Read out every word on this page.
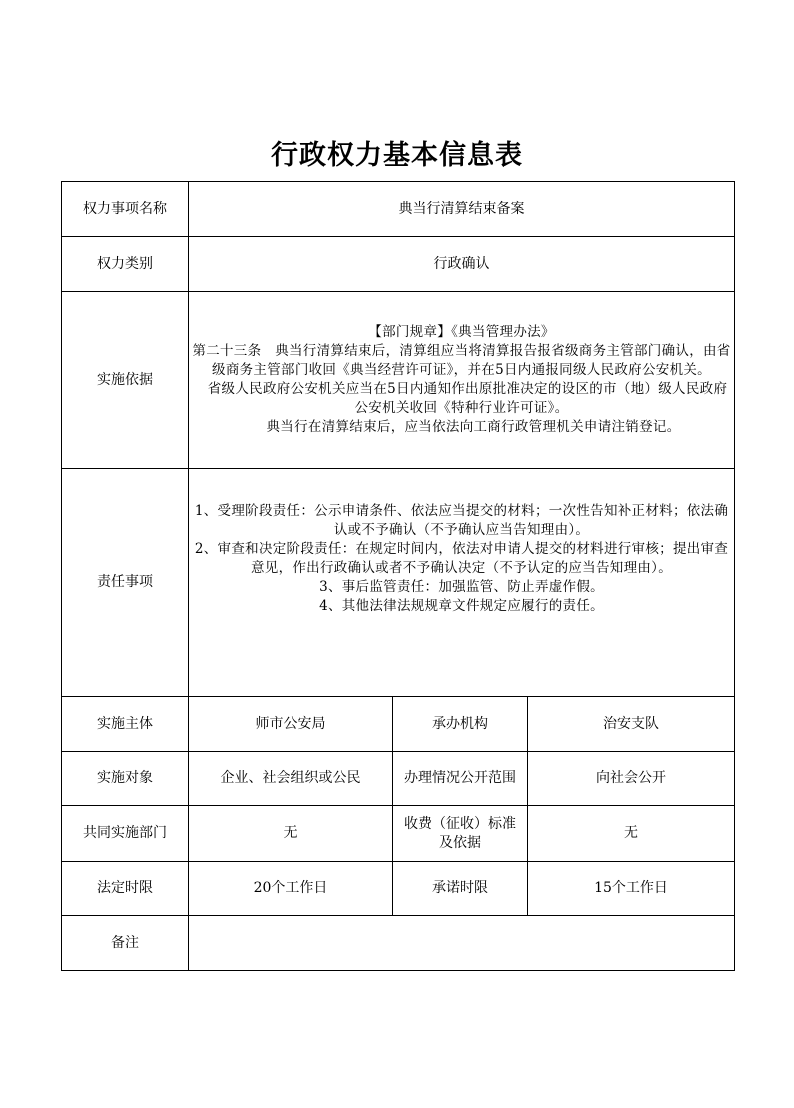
行政权力基本信息表
权力事项名称	典当行清算结束备案		
权力类别	行政确认		
实施依据	【部门规章】《典当管理办法》
第二十三条　典当行清算结束后，清算组应当将清算报告报省级商务主管部门确认，由省级商务主管部门收回《典当经营许可证》，并在5日内通报同级人民政府公安机关。
省级人民政府公安机关应当在5日内通知作出原批准决定的设区的市（地）级人民政府公安机关收回《特种行业许可证》。
典当行在清算结束后，应当依法向工商行政管理机关申请注销登记。		

责任事项	1、受理阶段责任：公示申请条件、依法应当提交的材料；一次性告知补正材料；依法确认或不予确认（不予确认应当告知理由）。
2、审查和决定阶段责任：在规定时间内，依法对申请人提交的材料进行审核；提出审查意见，作出行政确认或者不予确认决定（不予认定的应当告知理由）。
3、事后监管责任：加强监管、防止弄虚作假。
4、其他法律法规规章文件规定应履行的责任。		

实施主体	师市公安局	承办机构	治安支队
实施对象	企业、社会组织或公民	办理情况公开范围	向社会公开
共同实施部门	无	收费（征收）标准及依据	无
法定时限	20个工作日	承诺时限	15个工作日
备注			
